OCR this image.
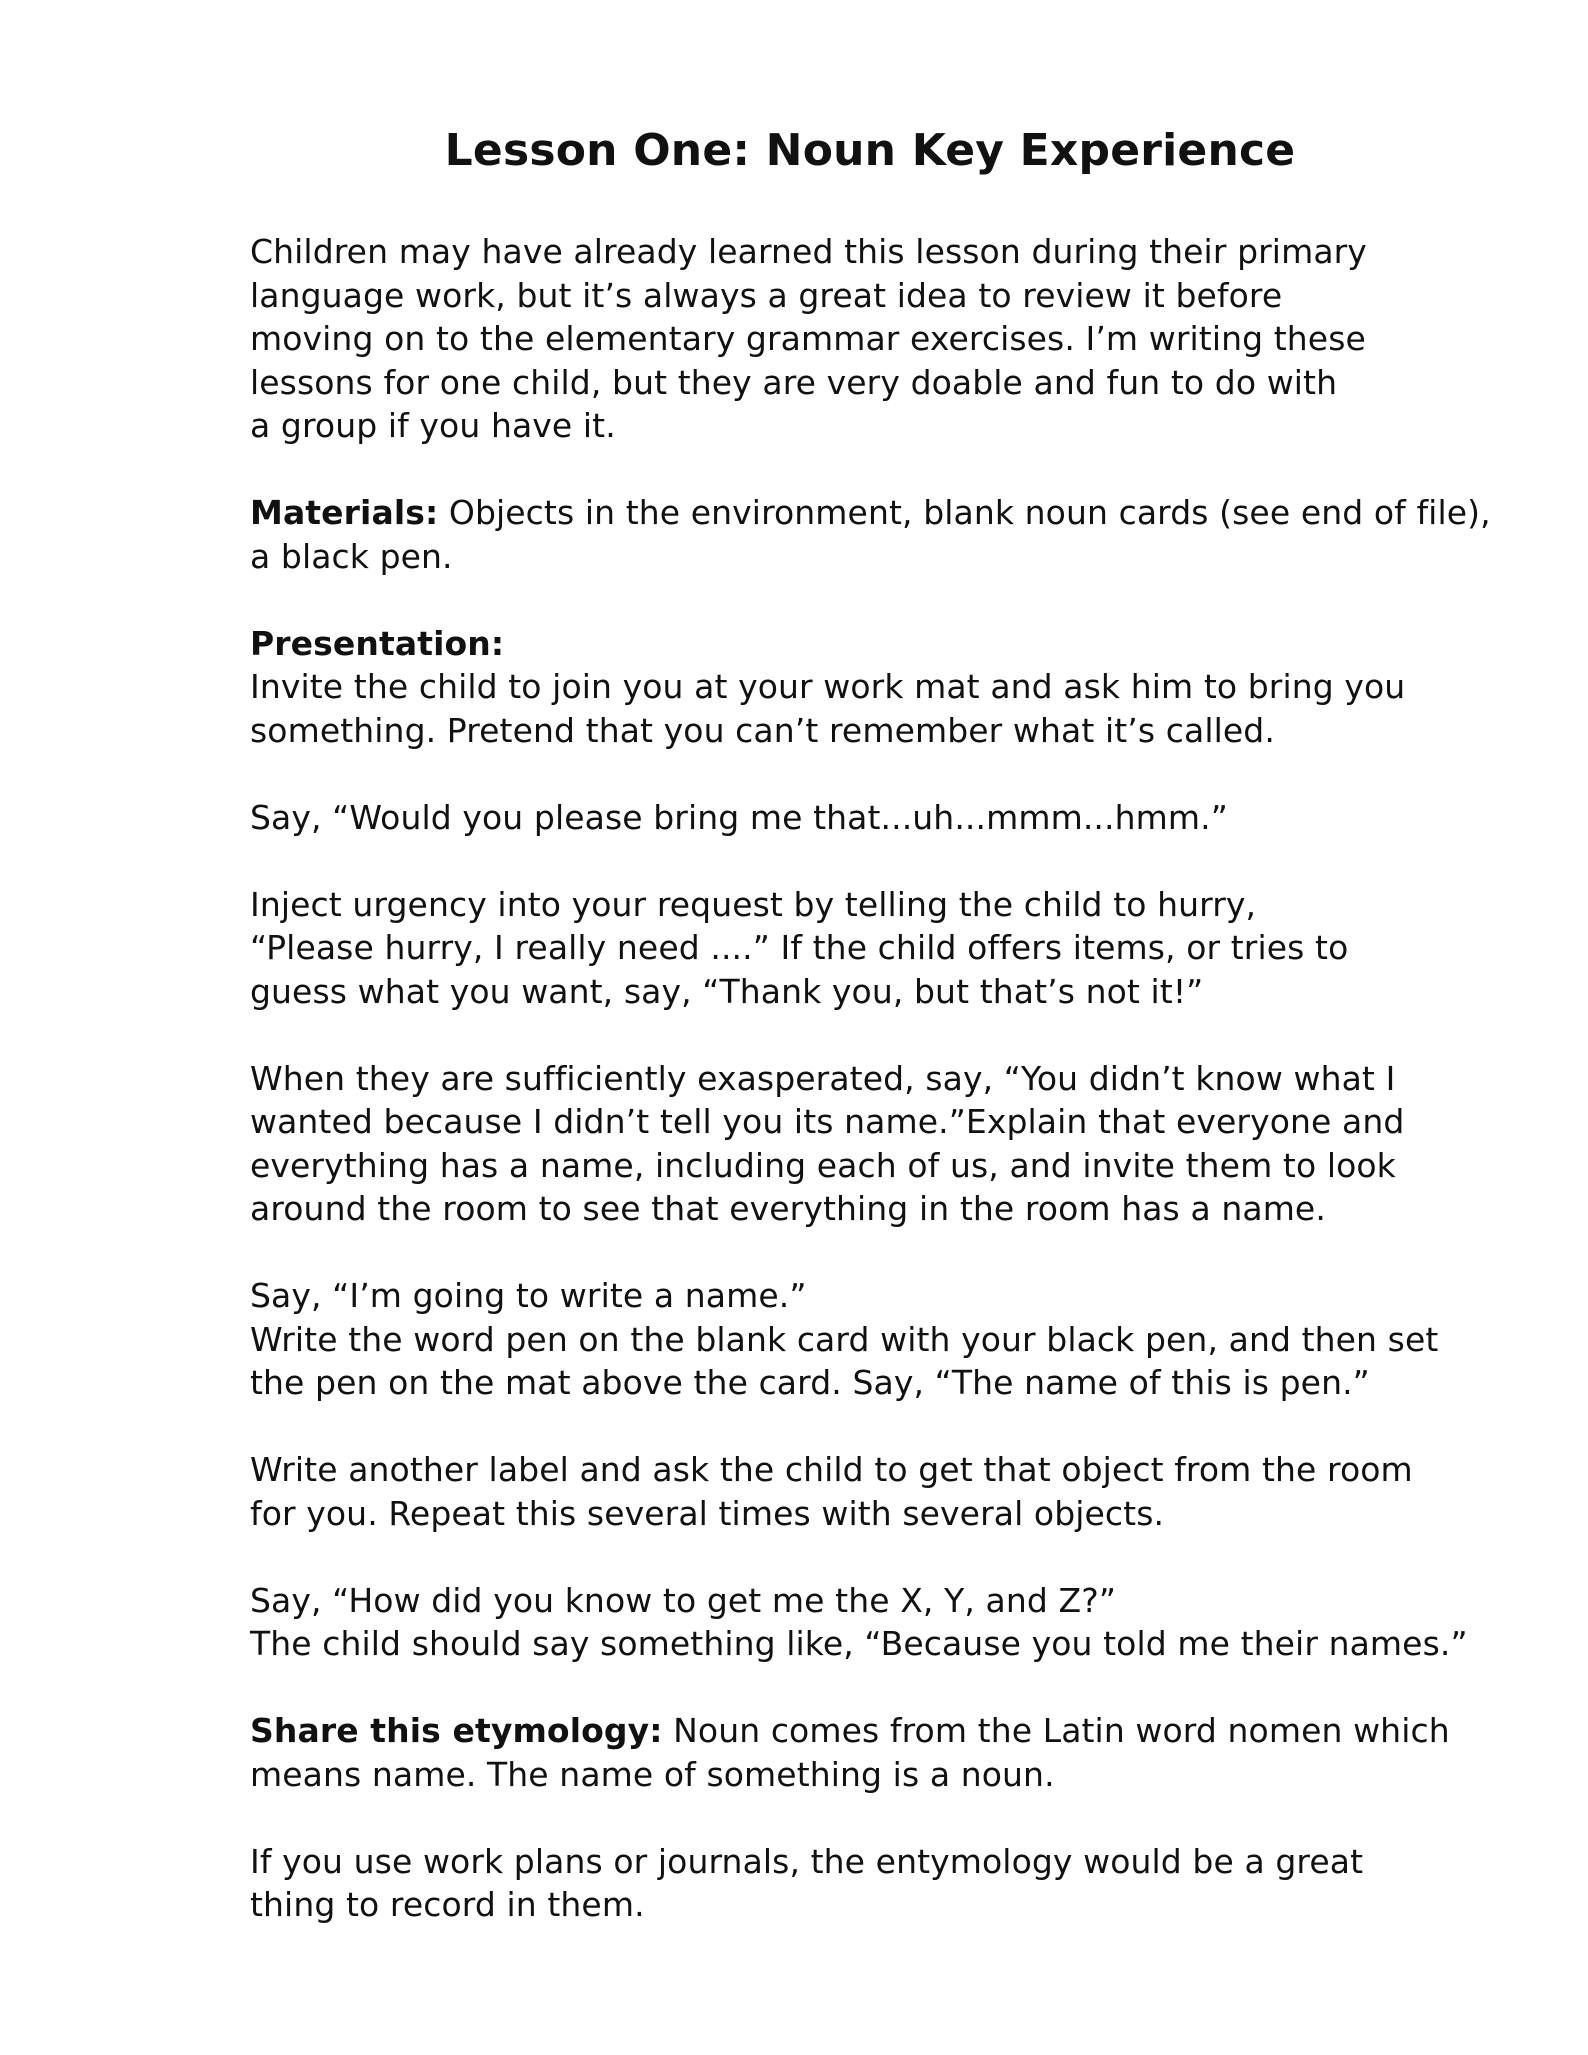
Lesson One: Noun Key Experience

Children may have already learned this lesson during their primary
language work, but it’s always a great idea to review it before
moving on to the elementary grammar exercises. I’m writing these
lessons for one child, but they are very doable and fun to do with
a group if you have it.

Materials: Objects in the environment, blank noun cards (see end of file),
a black pen.

Presentation:
Invite the child to join you at your work mat and ask him to bring you
something. Pretend that you can’t remember what it’s called.

Say, “Would you please bring me that...uh...mmm...hmm.”

Inject urgency into your request by telling the child to hurry,
“Please hurry, I really need ....” If the child offers items, or tries to
guess what you want, say, “Thank you, but that’s not it!”

When they are sufficiently exasperated, say, “You didn’t know what I
wanted because I didn’t tell you its name.”Explain that everyone and
everything has a name, including each of us, and invite them to look
around the room to see that everything in the room has a name.

Say, “I’m going to write a name.”
Write the word pen on the blank card with your black pen, and then set
the pen on the mat above the card. Say, “The name of this is pen.”

Write another label and ask the child to get that object from the room
for you. Repeat this several times with several objects.

Say, “How did you know to get me the X, Y, and Z?”
The child should say something like, “Because you told me their names.”

Share this etymology: Noun comes from the Latin word nomen which
means name. The name of something is a noun.

If you use work plans or journals, the entymology would be a great
thing to record in them.
